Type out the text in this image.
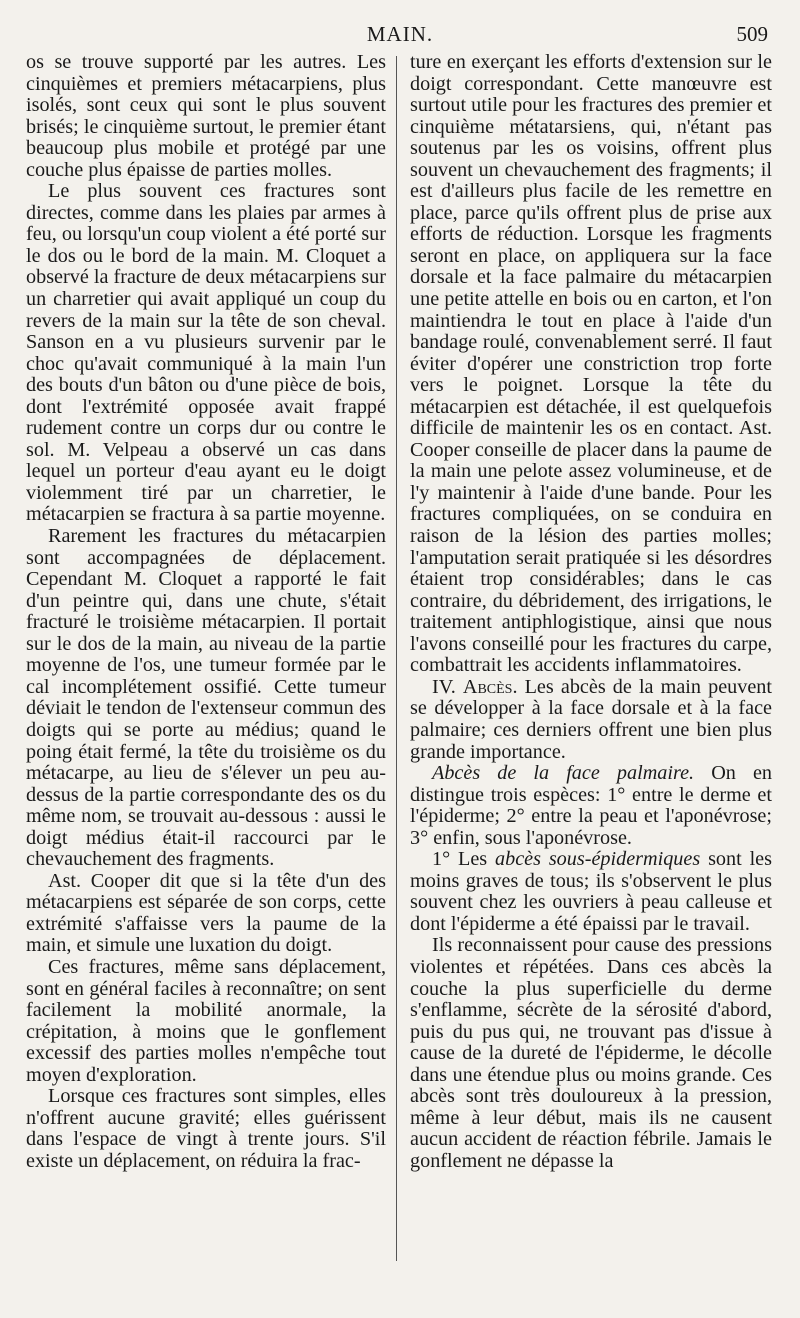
MAIN.	509

os se trouve supporté par les autres. Les cinquièmes et premiers métacarpiens, plus isolés, sont ceux qui sont le plus souvent brisés; le cinquième surtout, le premier étant beaucoup plus mobile et protégé par une couche plus épaisse de parties molles.

Le plus souvent ces fractures sont directes, comme dans les plaies par armes à feu, ou lorsqu'un coup violent a été porté sur le dos ou le bord de la main. M. Cloquet a observé la fracture de deux métacarpiens sur un charretier qui avait appliqué un coup du revers de la main sur la tête de son cheval. Sanson en a vu plusieurs survenir par le choc qu'avait communiqué à la main l'un des bouts d'un bâton ou d'une pièce de bois, dont l'extrémité opposée avait frappé rudement contre un corps dur ou contre le sol. M. Velpeau a observé un cas dans lequel un porteur d'eau ayant eu le doigt violemment tiré par un charretier, le métacarpien se fractura à sa partie moyenne.

Rarement les fractures du métacarpien sont accompagnées de déplacement. Cependant M. Cloquet a rapporté le fait d'un peintre qui, dans une chute, s'était fracturé le troisième métacarpien. Il portait sur le dos de la main, au niveau de la partie moyenne de l'os, une tumeur formée par le cal incomplétement ossifié. Cette tumeur déviait le tendon de l'extenseur commun des doigts qui se porte au médius; quand le poing était fermé, la tête du troisième os du métacarpe, au lieu de s'élever un peu au-dessus de la partie correspondante des os du même nom, se trouvait au-dessous : aussi le doigt médius était-il raccourci par le chevauchement des fragments.

Ast. Cooper dit que si la tête d'un des métacarpiens est séparée de son corps, cette extrémité s'affaisse vers la paume de la main, et simule une luxation du doigt.

Ces fractures, même sans déplacement, sont en général faciles à reconnaître; on sent facilement la mobilité anormale, la crépitation, à moins que le gonflement excessif des parties molles n'empêche tout moyen d'exploration.

Lorsque ces fractures sont simples, elles n'offrent aucune gravité; elles guérissent dans l'espace de vingt à trente jours. S'il existe un déplacement, on réduira la frac-

ture en exerçant les efforts d'extension sur le doigt correspondant. Cette manœuvre est surtout utile pour les fractures des premier et cinquième métatarsiens, qui, n'étant pas soutenus par les os voisins, offrent plus souvent un chevauchement des fragments; il est d'ailleurs plus facile de les remettre en place, parce qu'ils offrent plus de prise aux efforts de réduction. Lorsque les fragments seront en place, on appliquera sur la face dorsale et la face palmaire du métacarpien une petite attelle en bois ou en carton, et l'on maintiendra le tout en place à l'aide d'un bandage roulé, convenablement serré. Il faut éviter d'opérer une constriction trop forte vers le poignet. Lorsque la tête du métacarpien est détachée, il est quelquefois difficile de maintenir les os en contact. Ast. Cooper conseille de placer dans la paume de la main une pelote assez volumineuse, et de l'y maintenir à l'aide d'une bande. Pour les fractures compliquées, on se conduira en raison de la lésion des parties molles; l'amputation serait pratiquée si les désordres étaient trop considérables; dans le cas contraire, du débridement, des irrigations, le traitement antiphlogistique, ainsi que nous l'avons conseillé pour les fractures du carpe, combattrait les accidents inflammatoires.

IV. Abcès. Les abcès de la main peuvent se développer à la face dorsale et à la face palmaire; ces derniers offrent une bien plus grande importance.

Abcès de la face palmaire. On en distingue trois espèces: 1° entre le derme et l'épiderme; 2° entre la peau et l'aponévrose; 3° enfin, sous l'aponévrose.

1° Les abcès sous-épidermiques sont les moins graves de tous; ils s'observent le plus souvent chez les ouvriers à peau calleuse et dont l'épiderme a été épaissi par le travail.

Ils reconnaissent pour cause des pressions violentes et répétées. Dans ces abcès la couche la plus superficielle du derme s'enflamme, sécrète de la sérosité d'abord, puis du pus qui, ne trouvant pas d'issue à cause de la dureté de l'épiderme, le décolle dans une étendue plus ou moins grande. Ces abcès sont très douloureux à la pression, même à leur début, mais ils ne causent aucun accident de réaction fébrile. Jamais le gonflement ne dépasse la
